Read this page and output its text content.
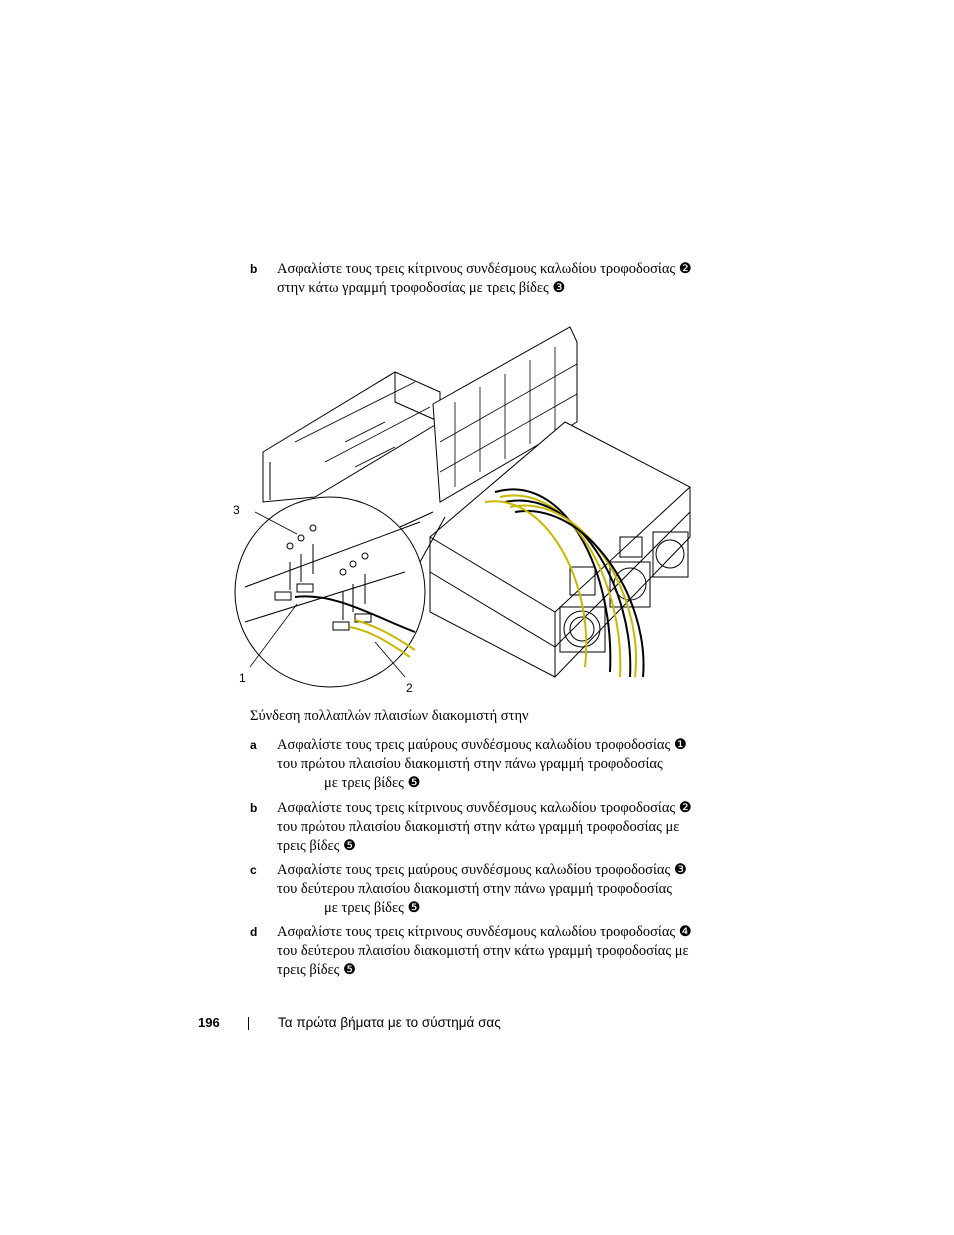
b Ασφαλίστε τους τρεις κίτρινους συνδέσμους καλωδίου τροφοδοσίας ❷
στην κάτω γραμμή τροφοδοσίας με τρεις βίδες ❸
3
1
2
Σύνδεση πολλαπλών πλαισίων διακομιστή στην
a Ασφαλίστε τους τρεις μαύρους συνδέσμους καλωδίου τροφοδοσίας ❶
του πρώτου πλαισίου διακομιστή στην πάνω γραμμή τροφοδοσίας
με τρεις βίδες ❺
b Ασφαλίστε τους τρεις κίτρινους συνδέσμους καλωδίου τροφοδοσίας ❷
του πρώτου πλαισίου διακομιστή στην κάτω γραμμή τροφοδοσίας με
τρεις βίδες ❺
c Ασφαλίστε τους τρεις μαύρους συνδέσμους καλωδίου τροφοδοσίας ❸
του δεύτερου πλαισίου διακομιστή στην πάνω γραμμή τροφοδοσίας
με τρεις βίδες ❺
d Ασφαλίστε τους τρεις κίτρινους συνδέσμους καλωδίου τροφοδοσίας ❹
του δεύτερου πλαισίου διακομιστή στην κάτω γραμμή τροφοδοσίας με
τρεις βίδες ❺
196	Τα πρώτα βήματα με το σύστημά σας
